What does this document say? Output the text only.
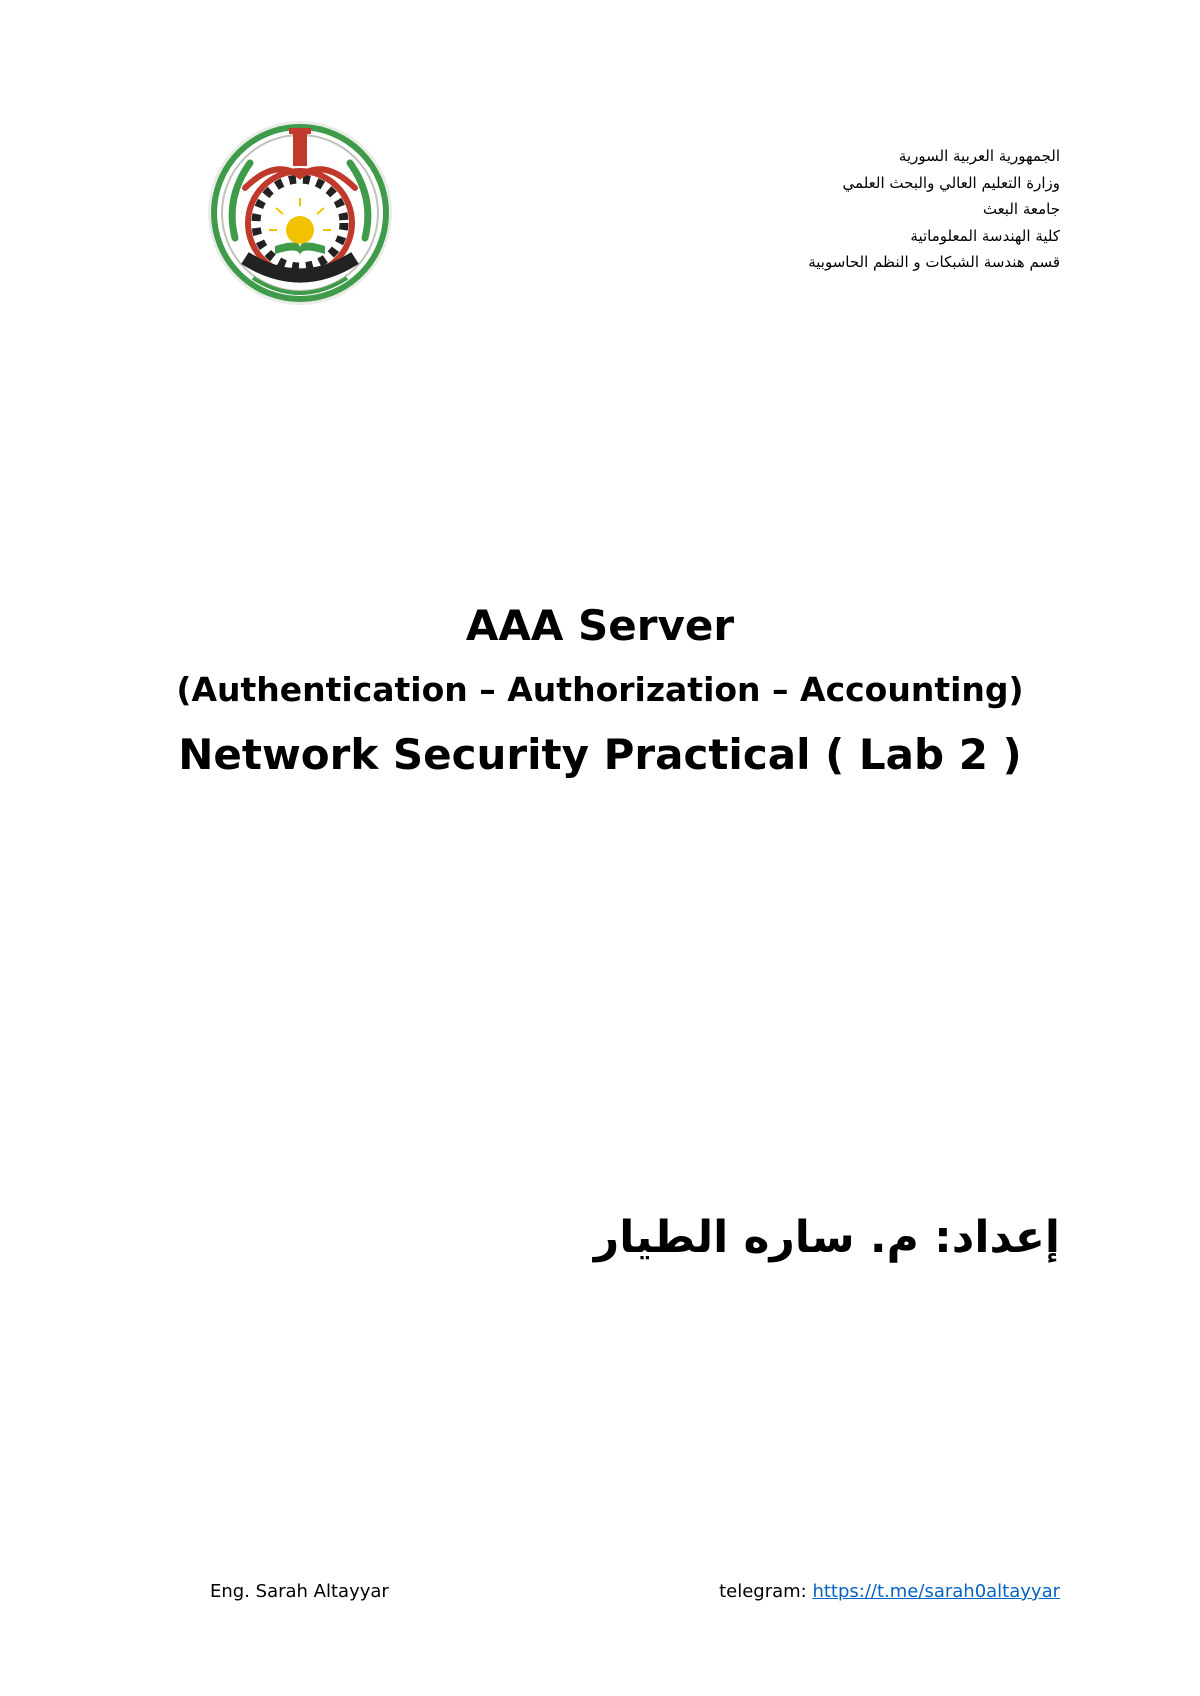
الجمهورية العربية السورية
وزارة التعليم العالي والبحث العلمي
جامعة البعث
كلية الهندسة المعلوماتية
قسم هندسة الشبكات و النظم الحاسوبية
AAA Server
(Authentication – Authorization – Accounting)
Network Security Practical ( Lab 2 )
إعداد: م. ساره الطيار
Eng. Sarah Altayyar	telegram: https://t.me/sarah0altayyar
